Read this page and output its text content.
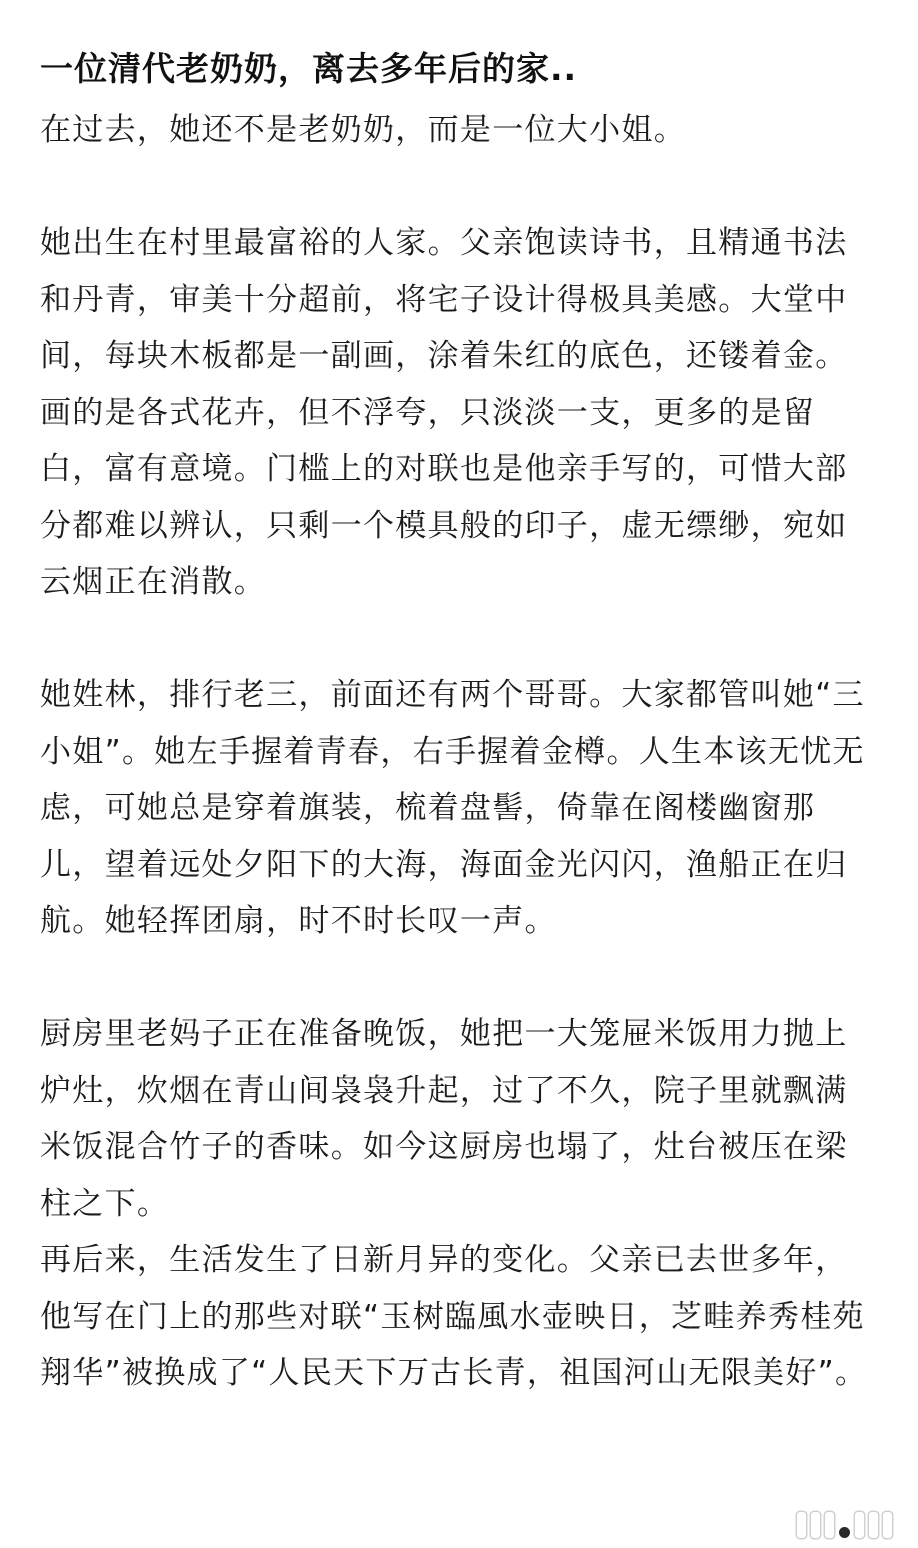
一位清代老奶奶，离去多年后的家..

在过去，她还不是老奶奶，而是一位大小姐。

她出生在村里最富裕的人家。父亲饱读诗书，且精通书法和丹青，审美十分超前，将宅子设计得极具美感。大堂中间，每块木板都是一副画，涂着朱红的底色，还镂着金。画的是各式花卉，但不浮夸，只淡淡一支，更多的是留白，富有意境。门槛上的对联也是他亲手写的，可惜大部分都难以辨认，只剩一个模具般的印子，虚无缥缈，宛如云烟正在消散。

她姓林，排行老三，前面还有两个哥哥。大家都管叫她“三小姐”。她左手握着青春，右手握着金樽。人生本该无忧无虑，可她总是穿着旗装，梳着盘髻，倚靠在阁楼幽窗那儿，望着远处夕阳下的大海，海面金光闪闪，渔船正在归航。她轻挥团扇，时不时长叹一声。

厨房里老妈子正在准备晚饭，她把一大笼屉米饭用力抛上炉灶，炊烟在青山间袅袅升起，过了不久，院子里就飘满米饭混合竹子的香味。如今这厨房也塌了，灶台被压在梁柱之下。

再后来，生活发生了日新月异的变化。父亲已去世多年，他写在门上的那些对联“玉树臨風水壶映日，芝畦养秀桂苑翔华”被换成了“人民天下万古长青，祖国河山无限美好”。
